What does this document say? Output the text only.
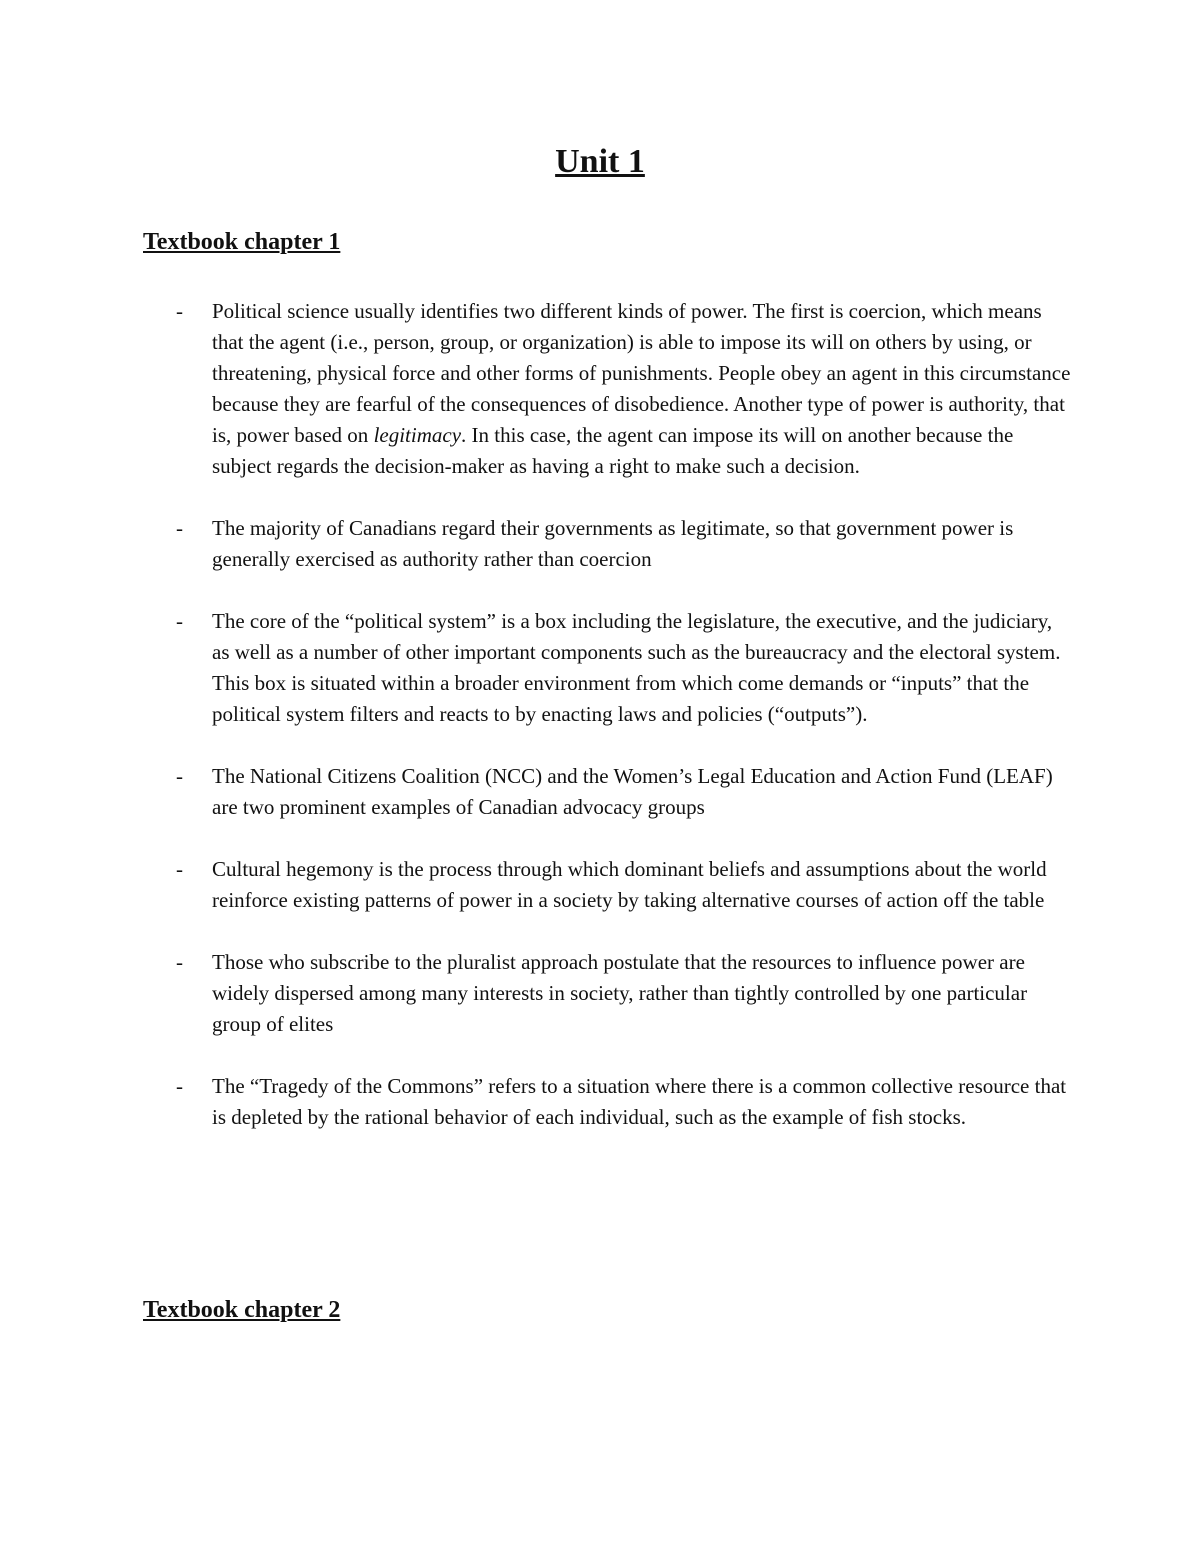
Unit 1
Textbook chapter 1
- Political science usually identifies two different kinds of power. The first is coercion, which means that the agent (i.e., person, group, or organization) is able to impose its will on others by using, or threatening, physical force and other forms of punishments. People obey an agent in this circumstance because they are fearful of the consequences of disobedience. Another type of power is authority, that is, power based on legitimacy. In this case, the agent can impose its will on another because the subject regards the decision-maker as having a right to make such a decision.
- The majority of Canadians regard their governments as legitimate, so that government power is generally exercised as authority rather than coercion
- The core of the “political system” is a box including the legislature, the executive, and the judiciary, as well as a number of other important components such as the bureaucracy and the electoral system. This box is situated within a broader environment from which come demands or “inputs” that the political system filters and reacts to by enacting laws and policies (“outputs”).
- The National Citizens Coalition (NCC) and the Women’s Legal Education and Action Fund (LEAF) are two prominent examples of Canadian advocacy groups
- Cultural hegemony is the process through which dominant beliefs and assumptions about the world reinforce existing patterns of power in a society by taking alternative courses of action off the table
- Those who subscribe to the pluralist approach postulate that the resources to influence power are widely dispersed among many interests in society, rather than tightly controlled by one particular group of elites
- The “Tragedy of the Commons” refers to a situation where there is a common collective resource that is depleted by the rational behavior of each individual, such as the example of fish stocks.
Textbook chapter 2
